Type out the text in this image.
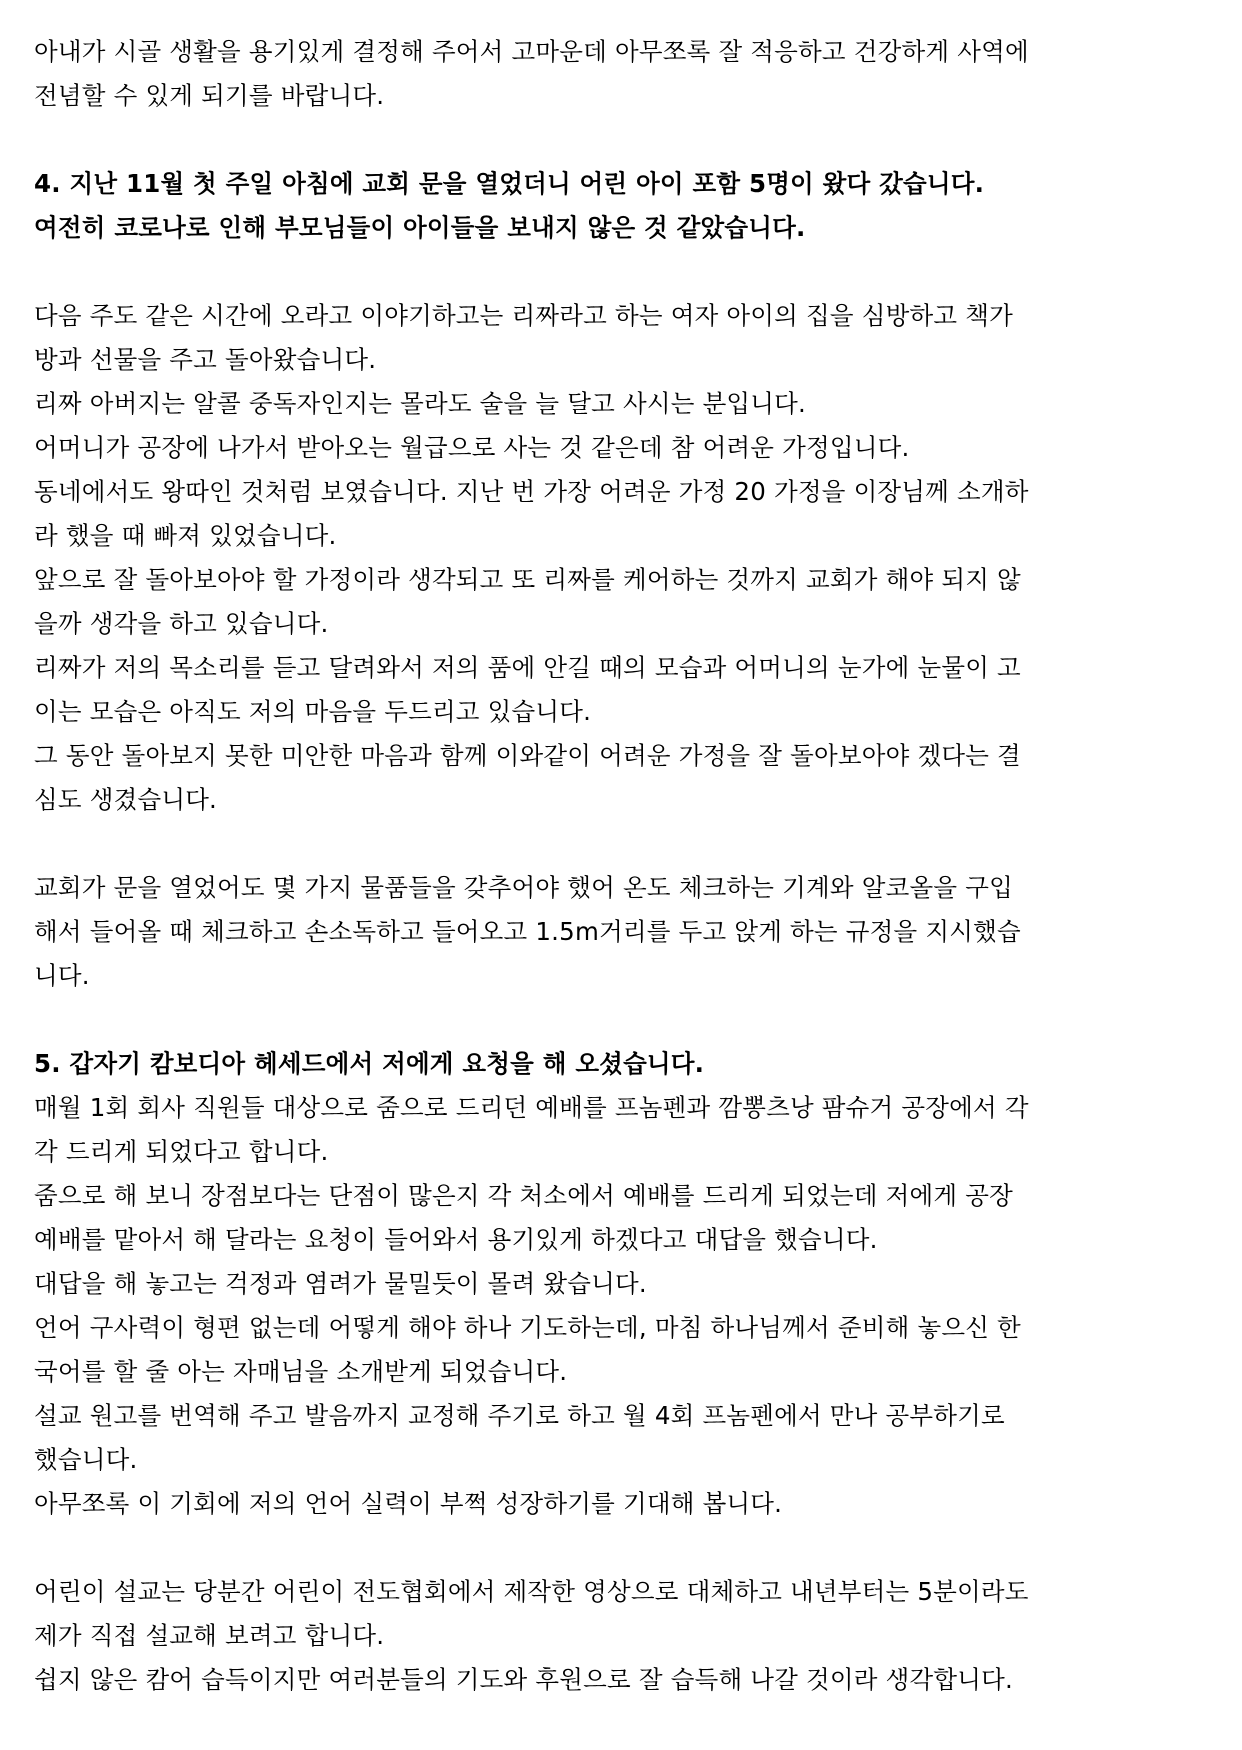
아내가 시골 생활을 용기있게 결정해 주어서 고마운데 아무쪼록 잘 적응하고 건강하게 사역에
전념할 수 있게 되기를 바랍니다.
4. 지난 11월 첫 주일 아침에 교회 문을 열었더니 어린 아이 포함 5명이 왔다 갔습니다.
여전히 코로나로 인해 부모님들이 아이들을 보내지 않은 것 같았습니다.
다음 주도 같은 시간에 오라고 이야기하고는 리짜라고 하는 여자 아이의 집을 심방하고 책가
방과 선물을 주고 돌아왔습니다.
리짜 아버지는 알콜 중독자인지는 몰라도 술을 늘 달고 사시는 분입니다.
어머니가 공장에 나가서 받아오는 월급으로 사는 것 같은데 참 어려운 가정입니다.
동네에서도 왕따인 것처럼 보였습니다. 지난 번 가장 어려운 가정 20 가정을 이장님께 소개하
라 했을 때 빠져 있었습니다.
앞으로 잘 돌아보아야 할 가정이라 생각되고 또 리짜를 케어하는 것까지 교회가 해야 되지 않
을까 생각을 하고 있습니다.
리짜가 저의 목소리를 듣고 달려와서 저의 품에 안길 때의 모습과 어머니의 눈가에 눈물이 고
이는 모습은 아직도 저의 마음을 두드리고 있습니다.
그 동안 돌아보지 못한 미안한 마음과 함께 이와같이 어려운 가정을 잘 돌아보아야 겠다는 결
심도 생겼습니다.
교회가 문을 열었어도 몇 가지 물품들을 갖추어야 했어 온도 체크하는 기계와 알코올을 구입
해서 들어올 때 체크하고 손소독하고 들어오고 1.5m거리를 두고 앉게 하는 규정을 지시했습
니다.
5. 갑자기 캄보디아 헤세드에서 저에게 요청을 해 오셨습니다.
매월 1회 회사 직원들 대상으로 줌으로 드리던 예배를 프놈펜과 깜뽕츠낭 팜슈거 공장에서 각
각 드리게 되었다고 합니다.
줌으로 해 보니 장점보다는 단점이 많은지 각 처소에서 예배를 드리게 되었는데 저에게 공장
예배를 맡아서 해 달라는 요청이 들어와서 용기있게 하겠다고 대답을 했습니다.
대답을 해 놓고는 걱정과 염려가 물밀듯이 몰려 왔습니다.
언어 구사력이 형편 없는데 어떻게 해야 하나 기도하는데, 마침 하나님께서 준비해 놓으신 한
국어를 할 줄 아는 자매님을 소개받게 되었습니다.
설교 원고를 번역해 주고 발음까지 교정해 주기로 하고 월 4회 프놈펜에서 만나 공부하기로
했습니다.
아무쪼록 이 기회에 저의 언어 실력이 부쩍 성장하기를 기대해 봅니다.
어린이 설교는 당분간 어린이 전도협회에서 제작한 영상으로 대체하고 내년부터는 5분이라도
제가 직접 설교해 보려고 합니다.
쉽지 않은 캄어 습득이지만 여러분들의 기도와 후원으로 잘 습득해 나갈 것이라 생각합니다.
